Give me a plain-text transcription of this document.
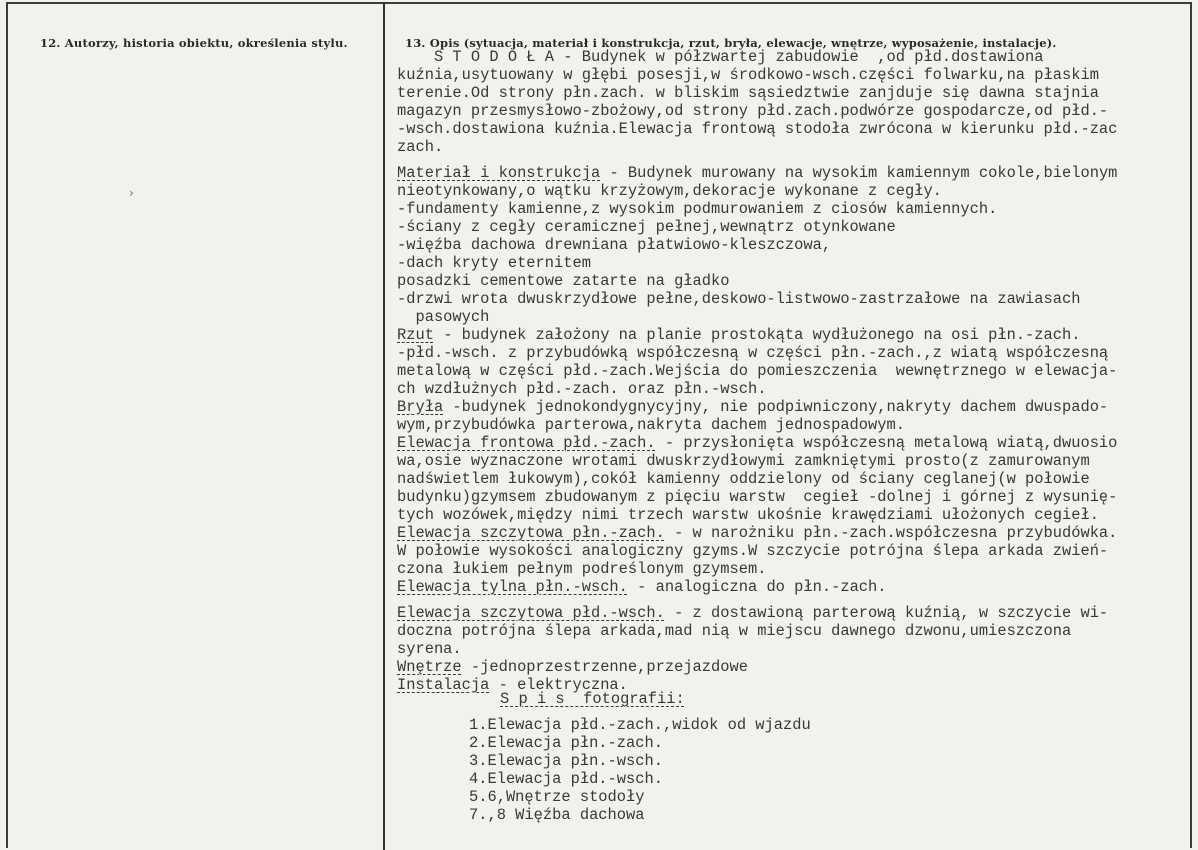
12. Autorzy, historia obiektu, określenia stylu.
›
13. Opis (sytuacja, materiał i konstrukcja, rzut, bryła, elewacje, wnętrze, wyposażenie, instalacje).
S T O D O Ł A - Budynek w półzwartej zabudowie  ,od płd.dostawiona
kuźnia,usytuowany w głębi posesji,w środkowo-wsch.części folwarku,na płaskim
terenie.Od strony płn.zach. w bliskim sąsiedztwie zanjduje się dawna stajnia
magazyn przesmysłowo-zbożowy,od strony płd.zach.podwórze gospodarcze,od płd.-
-wsch.dostawiona kuźnia.Elewacja frontową stodoła zwrócona w kierunku płd.-zac
zach.
Materiał i konstrukcja - Budynek murowany na wysokim kamiennym cokole,bielonym
nieotynkowany,o wątku krzyżowym,dekoracje wykonane z cegły.
-fundamenty kamienne,z wysokim podmurowaniem z ciosów kamiennych.
-ściany z cegły ceramicznej pełnej,wewnątrz otynkowane
-więźba dachowa drewniana płatwiowo-kleszczowa,
-dach kryty eternitem
posadzki cementowe zatarte na gładko
-drzwi wrota dwuskrzydłowe pełne,deskowo-listwowo-zastrzałowe na zawiasach
pasowych
Rzut - budynek założony na planie prostokąta wydłużonego na osi płn.-zach.
-płd.-wsch. z przybudówką współczesną w części płn.-zach.,z wiatą współczesną
metalową w części płd.-zach.Wejścia do pomieszczenia  wewnętrznego w elewacja-
ch wzdłużnych płd.-zach. oraz płn.-wsch.
Bryła -budynek jednokondygnycyjny, nie podpiwniczony,nakryty dachem dwuspado-
wym,przybudówka parterowa,nakryta dachem jednospadowym.
Elewacja frontowa płd.-zach. - przysłonięta współczesną metalową wiatą,dwuosio
wa,osie wyznaczone wrotami dwuskrzydłowymi zamkniętymi prosto(z zamurowanym
nadświetlem łukowym),cokół kamienny oddzielony od ściany ceglanej(w połowie
budynku)gzymsem zbudowanym z pięciu warstw  cegieł -dolnej i górnej z wysunię-
tych wozówek,między nimi trzech warstw ukośnie krawędziami ułożonych cegieł.
Elewacja szczytowa płn.-zach. - w narożniku płn.-zach.współczesna przybudówka.
W połowie wysokości analogiczny gzyms.W szczycie potrójna ślepa arkada zwień-
czona łukiem pełnym podreślonym gzymsem.
Elewacja tylna płn.-wsch. - analogiczna do płn.-zach.
Elewacja szczytowa płd.-wsch. - z dostawioną parterową kuźnią, w szczycie wi-
doczna potrójna ślepa arkada,mad nią w miejscu dawnego dzwonu,umieszczona
syrena.
Wnętrze -jednoprzestrzenne,przejazdowe
Instalacja - elektryczna.
S p i s  fotografii:
1.Elewacja płd.-zach.,widok od wjazdu
2.Elewacja płn.-zach.
3.Elewacja płn.-wsch.
4.Elewacja płd.-wsch.
5.6,Wnętrze stodoły
7.,8 Więźba dachowa
